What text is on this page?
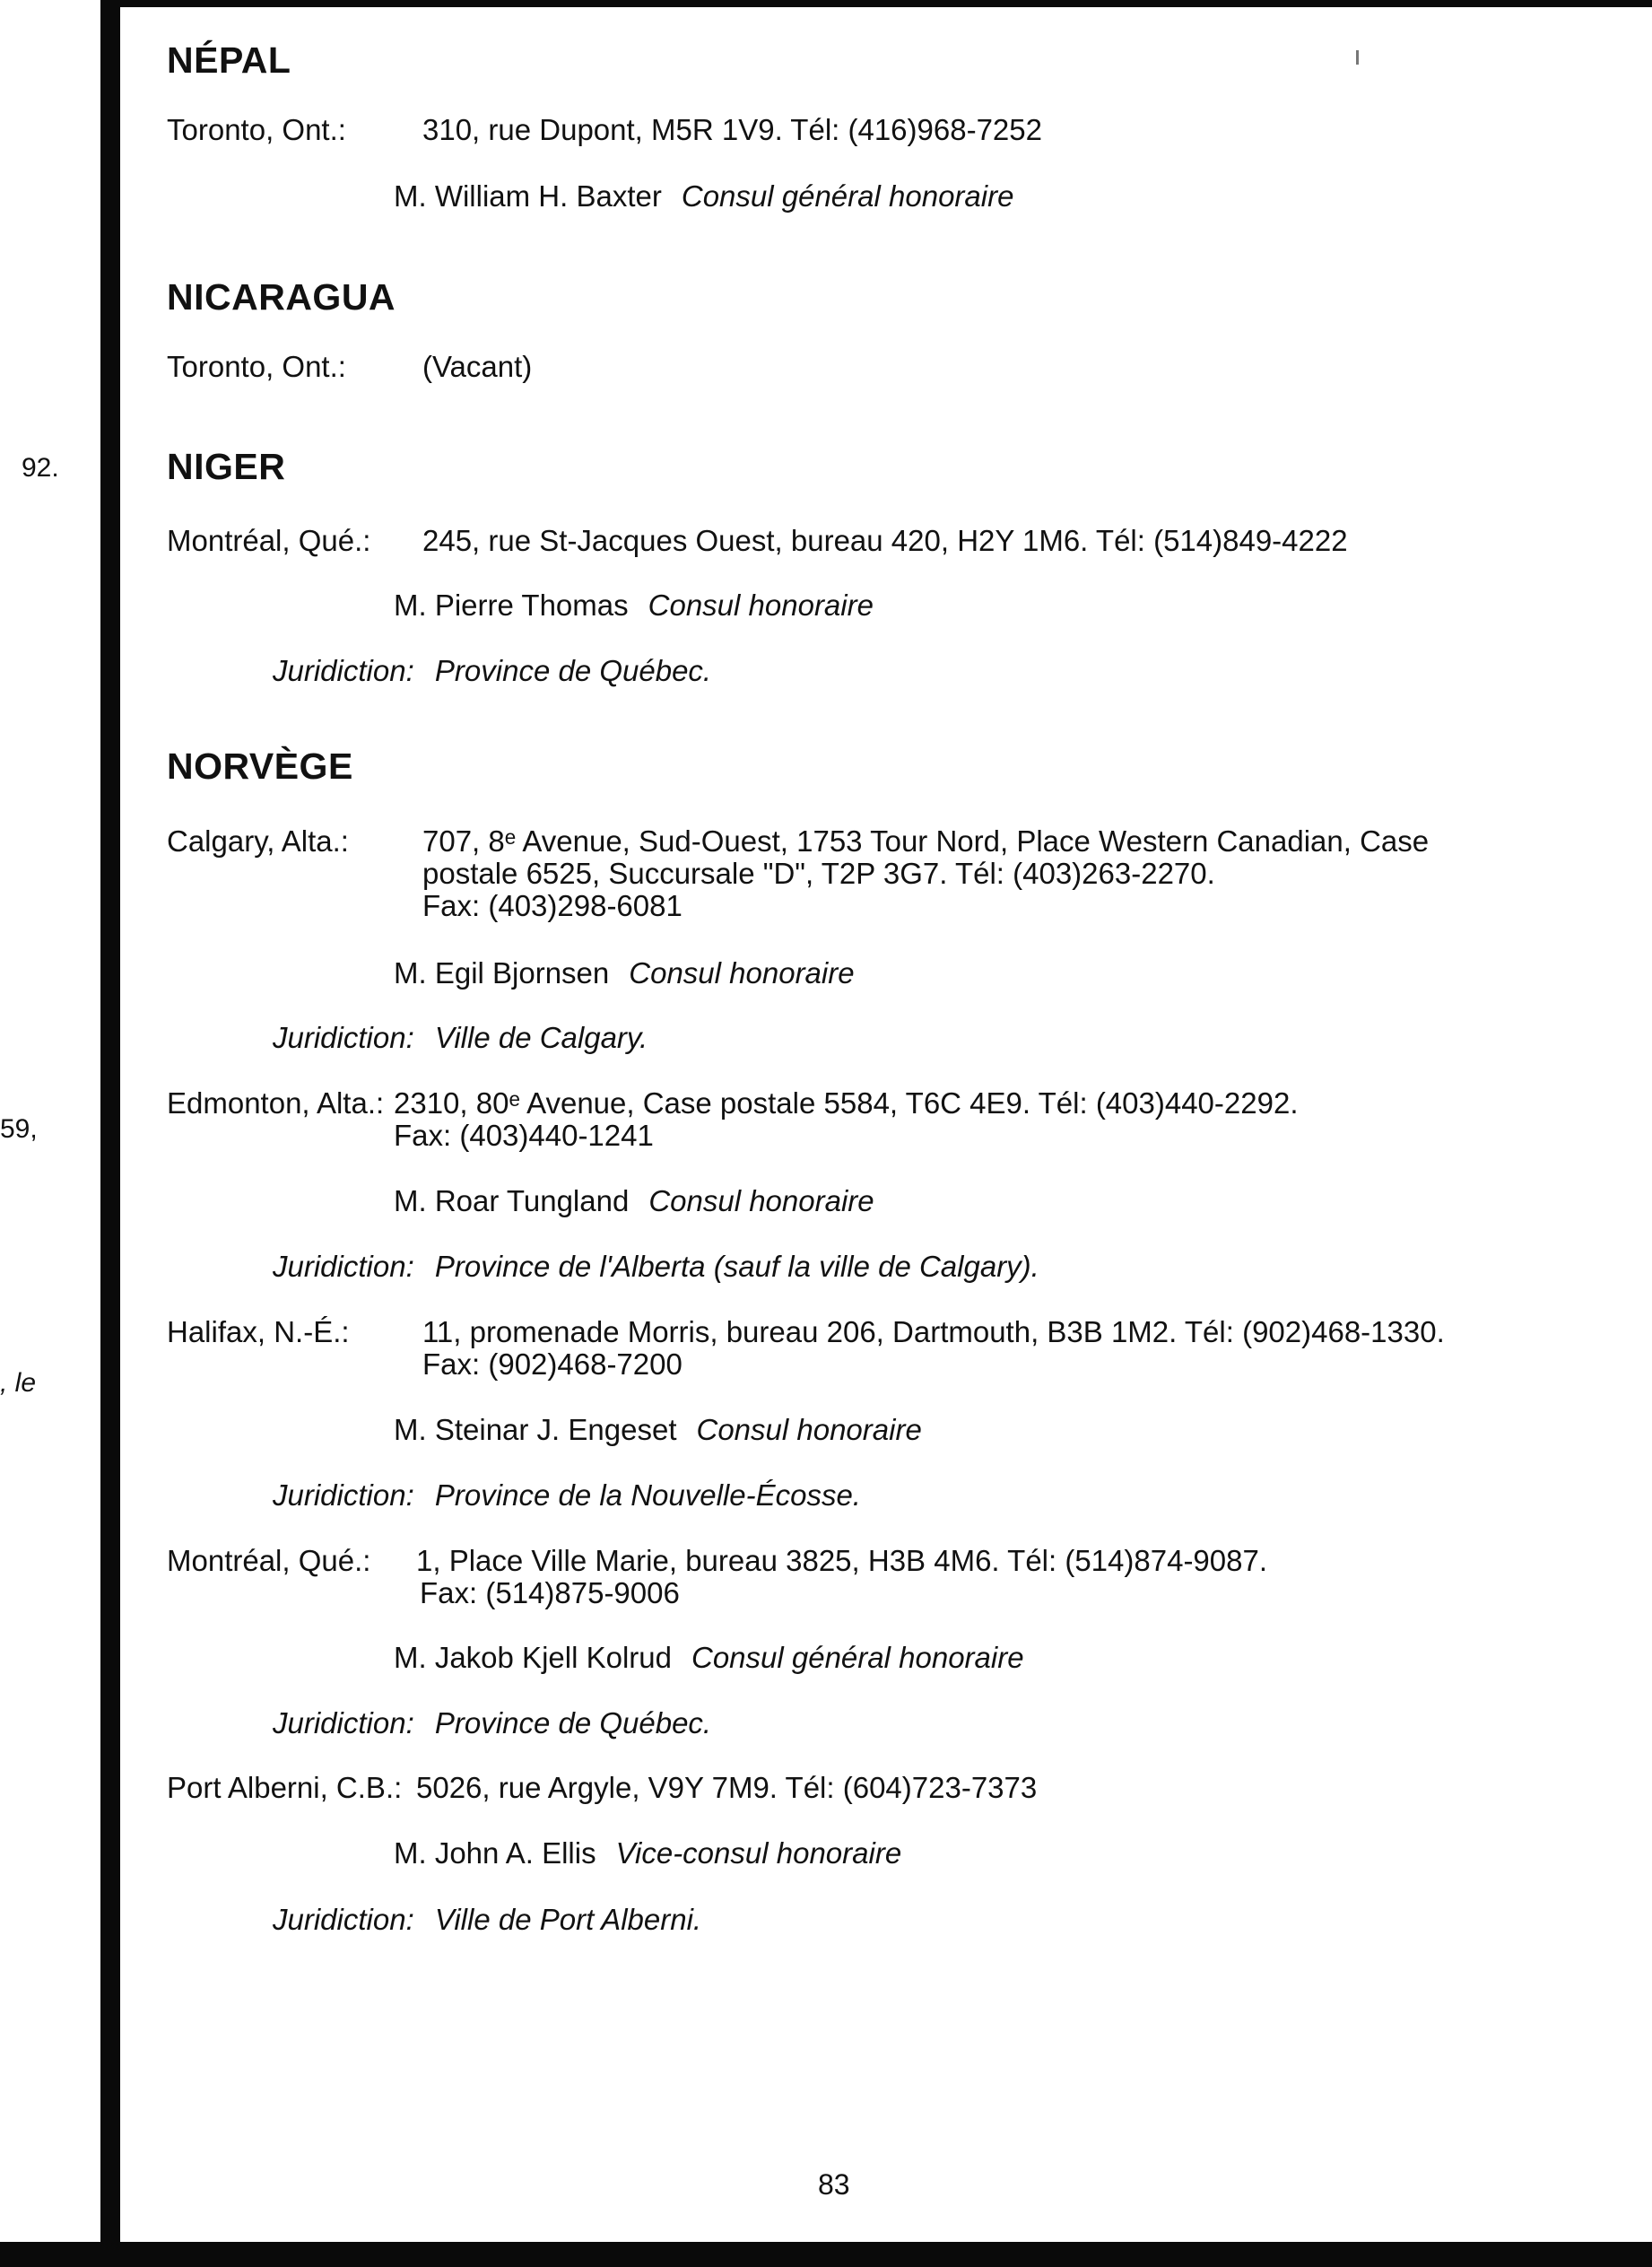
92.
59,
, le
NÉPAL
Toronto, Ont.:	310, rue Dupont, M5R 1V9. Tél: (416)968-7252
M. William H. Baxter Consul général honoraire
NICARAGUA
Toronto, Ont.:	(Vacant)
NIGER
Montréal, Qué.: 245, rue St-Jacques Ouest, bureau 420, H2Y 1M6. Tél: (514)849-4222
M. Pierre Thomas Consul honoraire
Juridiction: Province de Québec.
NORVÈGE
Calgary, Alta.: 707, 8ᵉ Avenue, Sud-Ouest, 1753 Tour Nord, Place Western Canadian, Case
postale 6525, Succursale "D", T2P 3G7. Tél: (403)263-2270.
Fax: (403)298-6081
M. Egil Bjornsen Consul honoraire
Juridiction: Ville de Calgary.
Edmonton, Alta.: 2310, 80ᵉ Avenue, Case postale 5584, T6C 4E9. Tél: (403)440-2292.
Fax: (403)440-1241
M. Roar Tungland Consul honoraire
Juridiction: Province de l'Alberta (sauf la ville de Calgary).
Halifax, N.-É.: 11, promenade Morris, bureau 206, Dartmouth, B3B 1M2. Tél: (902)468-1330.
Fax: (902)468-7200
M. Steinar J. Engeset Consul honoraire
Juridiction: Province de la Nouvelle-Écosse.
Montréal, Qué.: 1, Place Ville Marie, bureau 3825, H3B 4M6. Tél: (514)874-9087.
Fax: (514)875-9006
M. Jakob Kjell Kolrud Consul général honoraire
Juridiction: Province de Québec.
Port Alberni, C.B.: 5026, rue Argyle, V9Y 7M9. Tél: (604)723-7373
M. John A. Ellis Vice-consul honoraire
Juridiction: Ville de Port Alberni.
83
